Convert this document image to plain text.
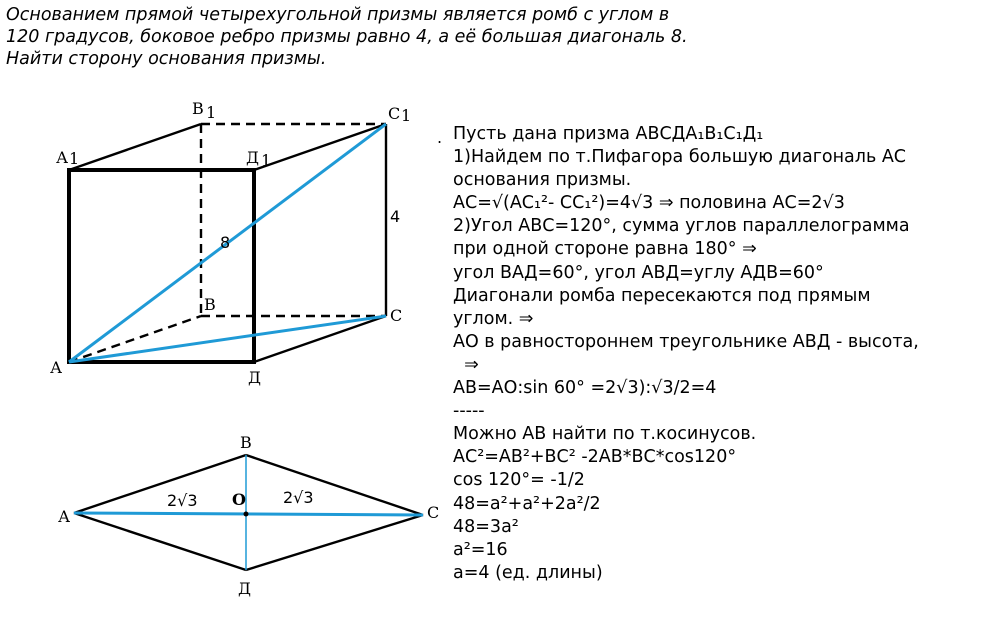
Основанием прямой четырехугольной призмы является ромб с углом в
120 градусов, боковое ребро призмы равно 4, а её большая диагональ 8.
Найти сторону основания призмы.
А
Д
С
В
А 1
В 1
Д 1
С 1
8
4
А
В
С
Д
О
2√3	2√3
. Пусть дана призма АВСДА₁В₁С₁Д₁
1)Найдем по т.Пифагора большую диагональ АС
основания призмы.
АС=√(АС₁²- СС₁²)=4√3 ⇒ половина АС=2√3
2)Угол АВС=120°, сумма углов параллелограмма
при одной стороне равна 180° ⇒
угол ВАД=60°, угол АВД=углу АДВ=60°
Диагонали ромба пересекаются под прямым
углом. ⇒
АО в равностороннем треугольнике АВД - высота,
⇒
АВ=АО:sin 60° =2√3):√3/2=4
-----
Можно АВ найти по т.косинусов.
АС²=АВ²+ВС² -2АВ*ВС*cos120°
cos 120°= -1/2
48=a²+a²+2a²/2
48=3a²
a²=16
a=4 (ед. длины)
